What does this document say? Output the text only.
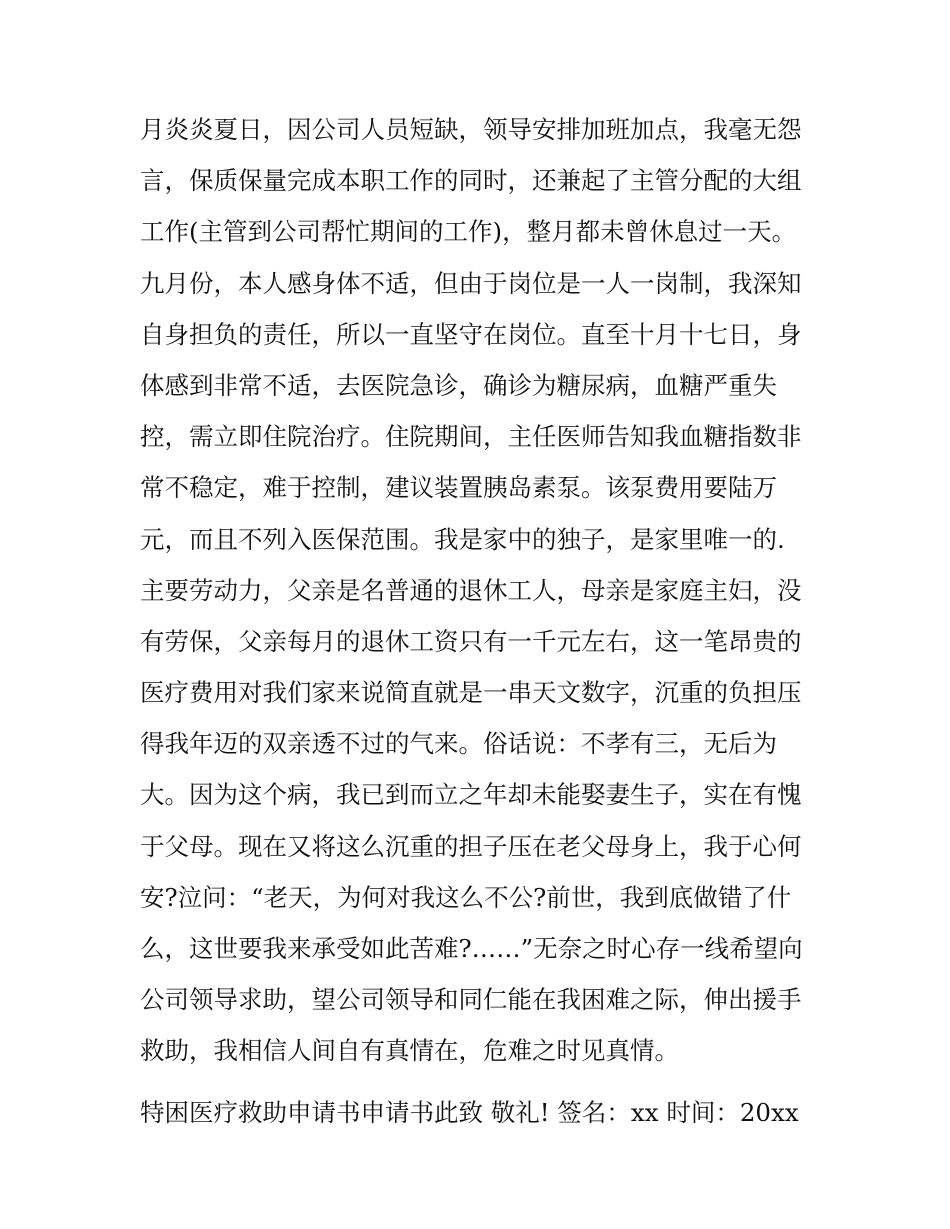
月炎炎夏日，因公司人员短缺，领导安排加班加点，我毫无怨
言，保质保量完成本职工作的同时，还兼起了主管分配的大组
工作(主管到公司帮忙期间的工作)，整月都未曾休息过一天。
九月份，本人感身体不适，但由于岗位是一人一岗制，我深知
自身担负的责任，所以一直坚守在岗位。直至十月十七日，身
体感到非常不适，去医院急诊，确诊为糖尿病，血糖严重失
控，需立即住院治疗。住院期间，主任医师告知我血糖指数非
常不稳定，难于控制，建议装置胰岛素泵。该泵费用要陆万
元，而且不列入医保范围。我是家中的独子，是家里唯一的.
主要劳动力，父亲是名普通的退休工人，母亲是家庭主妇，没
有劳保，父亲每月的退休工资只有一千元左右，这一笔昂贵的
医疗费用对我们家来说简直就是一串天文数字，沉重的负担压
得我年迈的双亲透不过的气来。俗话说：不孝有三，无后为
大。因为这个病，我已到而立之年却未能娶妻生子，实在有愧
于父母。现在又将这么沉重的担子压在老父母身上，我于心何
安?泣问：“老天，为何对我这么不公?前世，我到底做错了什
么，这世要我来承受如此苦难?……”无奈之时心存一线希望向
公司领导求助，望公司领导和同仁能在我困难之际，伸出援手
救助，我相信人间自有真情在，危难之时见真情。
特困医疗救助申请书申请书此致 敬礼! 签名：xx 时间：20xx
